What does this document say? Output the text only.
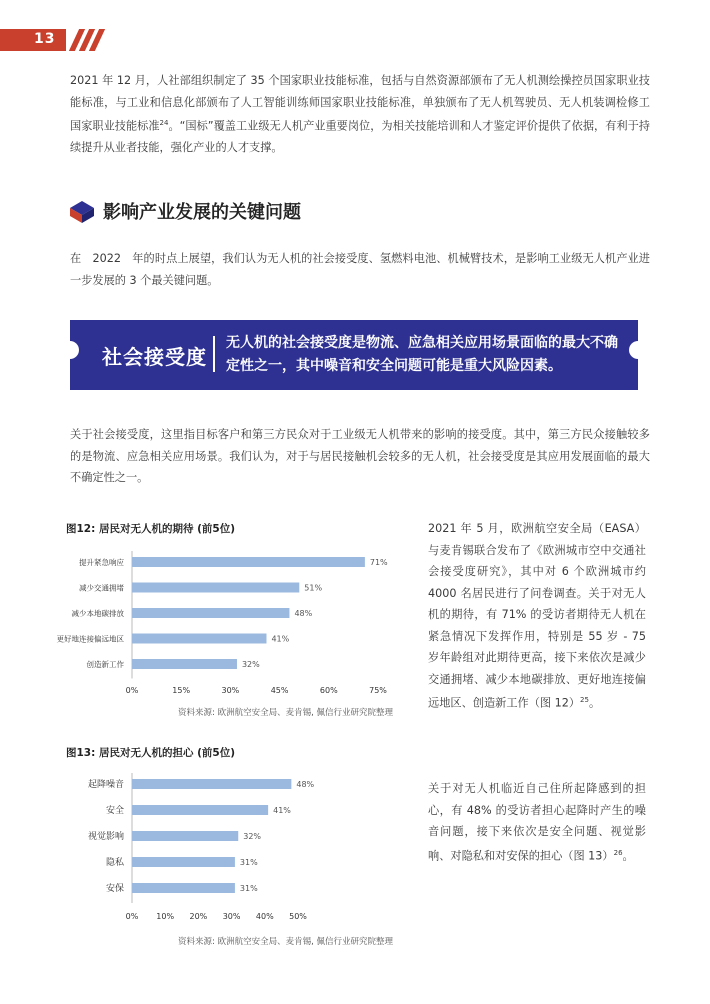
13
2021 年 12 月，人社部组织制定了 35 个国家职业技能标准，包括与自然资源部颁布了无人机测绘操控员国家职业技能标准，与工业和信息化部颁布了人工智能训练师国家职业技能标准，单独颁布了无人机驾驶员、无人机装调检修工国家职业技能标准$^{24}$。“国标”覆盖工业级无人机产业重要岗位，为相关技能培训和人才鉴定评价提供了依据，有利于持续提升从业者技能，强化产业的人才支撑。
影响产业发展的关键问题
在　2022　年的时点上展望，我们认为无人机的社会接受度、氢燃料电池、机械臂技术，是影响工业级无人机产业进一步发展的 3 个最关键问题。
社会接受度
无人机的社会接受度是物流、应急相关应用场景面临的最大不确定性之一，其中噪音和安全问题可能是重大风险因素。
关于社会接受度，这里指目标客户和第三方民众对于工业级无人机带来的影响的接受度。其中，第三方民众接触较多的是物流、应急相关应用场景。我们认为，对于与居民接触机会较多的无人机，社会接受度是其应用发展面临的最大不确定性之一。
图12: 居民对无人机的期待 (前5位)
提升紧急响应	71%
减少交通拥堵	51%
减少本地碳排放	48%
更好地连接偏远地区	41%
创造新工作	32%
0%	15%	30%	45%	60%	75%
资料来源: 欧洲航空安全局、麦肯锡, 佩信行业研究院整理
2021 年 5 月，欧洲航空安全局（EASA）与麦肯锡联合发布了《欧洲城市空中交通社会接受度研究》，其中对 6 个欧洲城市约 4000 名居民进行了问卷调查。关于对无人机的期待，有 71% 的受访者期待无人机在紧急情况下发挥作用，特别是 55 岁 - 75 岁年龄组对此期待更高，接下来依次是减少交通拥堵、减少本地碳排放、更好地连接偏远地区、创造新工作（图 12）$^{25}$。
图13: 居民对无人机的担心 (前5位)
起降噪音	48%
安全	41%
视觉影响	32%
隐私	31%
安保	31%
0% 10% 20% 30% 40% 50%
资料来源: 欧洲航空安全局、麦肯锡, 佩信行业研究院整理
关于对无人机临近自己住所起降感到的担心，有 48% 的受访者担心起降时产生的噪音问题，接下来依次是安全问题、视觉影响、对隐私和对安保的担心（图 13）$^{26}$。
